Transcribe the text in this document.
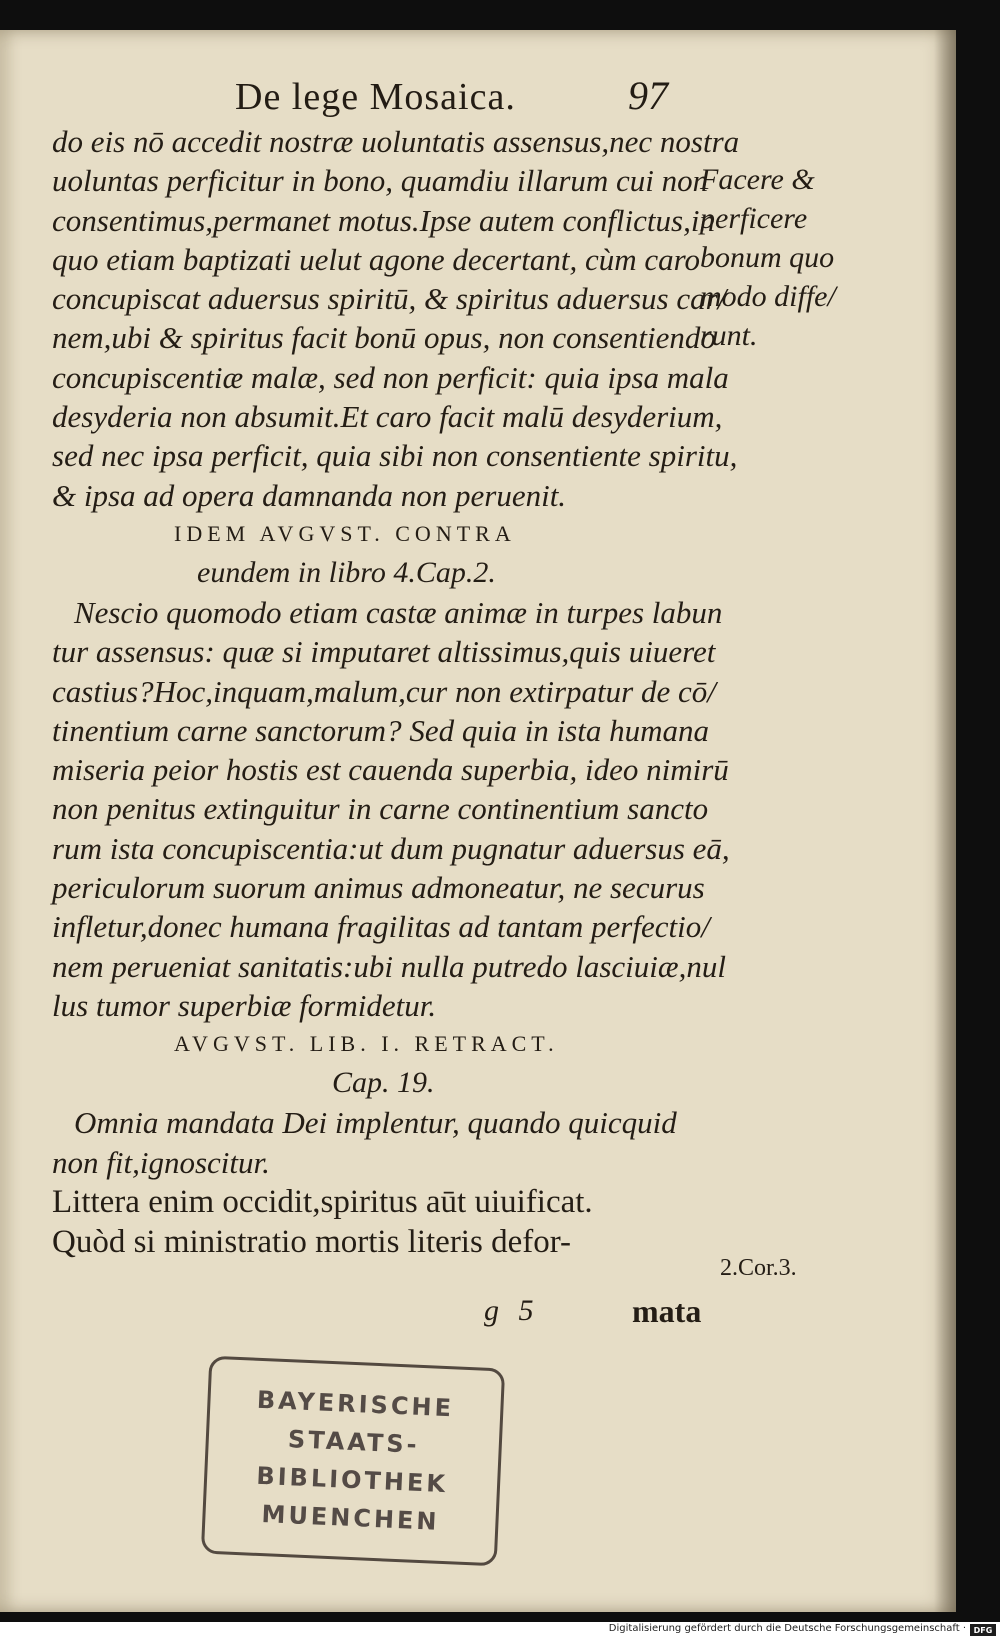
De lege Mosaica.	97
do eis nō accedit nostræ uoluntatis assensus,nec nostra
uoluntas perficitur in bono, quamdiu illarum cui non
consentimus,permanet motus.Ipse autem conflictus,in
quo etiam baptizati uelut agone decertant, cùm caro
concupiscat aduersus spiritū, & spiritus aduersus car/
nem,ubi & spiritus facit bonū opus, non consentiendo
concupiscentiæ malæ, sed non perficit: quia ipsa mala
desyderia non absumit.Et caro facit malū desyderium,
sed nec ipsa perficit, quia sibi non consentiente spiritu,
& ipsa ad opera damnanda non peruenit.
IDEM AVGVST. CONTRA
eundem in libro 4.Cap.2.
Nescio quomodo etiam castæ animæ in turpes labun
tur assensus: quæ si imputaret altissimus,quis uiueret
castius?Hoc,inquam,malum,cur non extirpatur de cō/
tinentium carne sanctorum? Sed quia in ista humana
miseria peior hostis est cauenda superbia, ideo nimirū
non penitus extinguitur in carne continentium sancto
rum ista concupiscentia:ut dum pugnatur aduersus eā,
periculorum suorum animus admoneatur, ne securus
infletur,donec humana fragilitas ad tantam perfectio/
nem perueniat sanitatis:ubi nulla putredo lasciuiæ,nul
lus tumor superbiæ formidetur.
AVGVST. LIB. I. RETRACT.
Cap. 19.
Omnia mandata Dei implentur, quando quicquid
non fit,ignoscitur.
Littera enim occidit,spiritus aūt uiuificat.
Quòd si ministratio mortis literis defor-
Facere &
perficere
bonum quo
modo diffe/
runt.
2.Cor.3.
g 5	mata
BAYERISCHE
STAATS-
BIBLIOTHEK
MUENCHEN
Digitalisierung gefördert durch die Deutsche Forschungsgemeinschaft · DFG
